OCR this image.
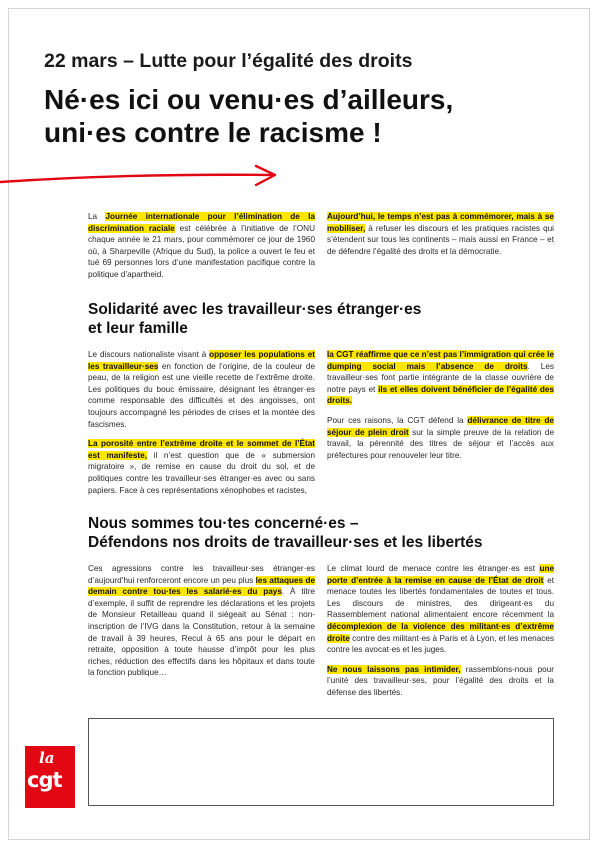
22 mars – Lutte pour l’égalité des droits
Né·es ici ou venu·es d’ailleurs,
uni·es contre le racisme !

La Journée internationale pour l’élimination de la discrimination raciale est célébrée à l’initiative de l’ONU chaque année le 21 mars, pour commémorer ce jour de 1960 où, à Sharpeville (Afrique du Sud), la police a ouvert le feu et tué 69 personnes lors d’une manifestation pacifique contre la politique d’apartheid.

Aujourd’hui, le temps n’est pas à commémorer, mais à se mobiliser, à refuser les discours et les pratiques racistes qui s’étendent sur tous les continents – mais aussi en France – et de défendre l’égalité des droits et la démocratie.

Solidarité avec les travailleur·ses étranger·es
et leur famille

Le discours nationaliste visant à opposer les populations et les travailleur·ses en fonction de l’origine, de la couleur de peau, de la religion est une vieille recette de l’extrême droite. Les politiques du bouc émissaire, désignant les étranger·es comme responsable des difficultés et des angoisses, ont toujours accompagné les périodes de crises et la montée des fascismes.

La porosité entre l’extrême droite et le sommet de l’État est manifeste, il n’est question que de « submersion migratoire », de remise en cause du droit du sol, et de politiques contre les travailleur·ses étranger·es avec ou sans papiers. Face à ces représentations xénophobes et racistes,

la CGT réaffirme que ce n’est pas l’immigration qui crée le dumping social mais l’absence de droits. Les travailleur·ses font partie intégrante de la classe ouvrière de notre pays et ils et elles doivent bénéficier de l’égalité des droits.

Pour ces raisons, la CGT défend la délivrance de titre de séjour de plein droit sur la simple preuve de la relation de travail, la pérennité des titres de séjour et l’accès aux préfectures pour renouveler leur titre.

Nous sommes tou·tes concerné·es –
Défendons nos droits de travailleur·ses et les libertés

Ces agressions contre les travailleur·ses étranger·es d’aujourd’hui renforceront encore un peu plus les attaques de demain contre tou·tes les salarié·es du pays. À titre d’exemple, il suffit de reprendre les déclarations et les projets de Monsieur Retailleau quand il siégeait au Sénat : non-inscription de l’IVG dans la Constitution, retour à la semaine de travail à 39 heures, Recul à 65 ans pour le départ en retraite, opposition à toute hausse d’impôt pour les plus riches, réduction des effectifs dans les hôpitaux et dans toute la fonction publique…

Le climat lourd de menace contre les étranger·es est une porte d’entrée à la remise en cause de l’État de droit et menace toutes les libertés fondamentales de toutes et tous. Les discours de ministres, des dirigeant·es du Rassemblement national alimentaient encore récemment la décomplexion de la violence des militant·es d’extrême droite contre des militant·es à Paris et à Lyon, et les menaces contre les avocat·es et les juges.

Ne nous laissons pas intimider, rassemblons-nous pour l’unité des travailleur·ses, pour l’égalité des droits et la défense des libertés.

la
cgt
